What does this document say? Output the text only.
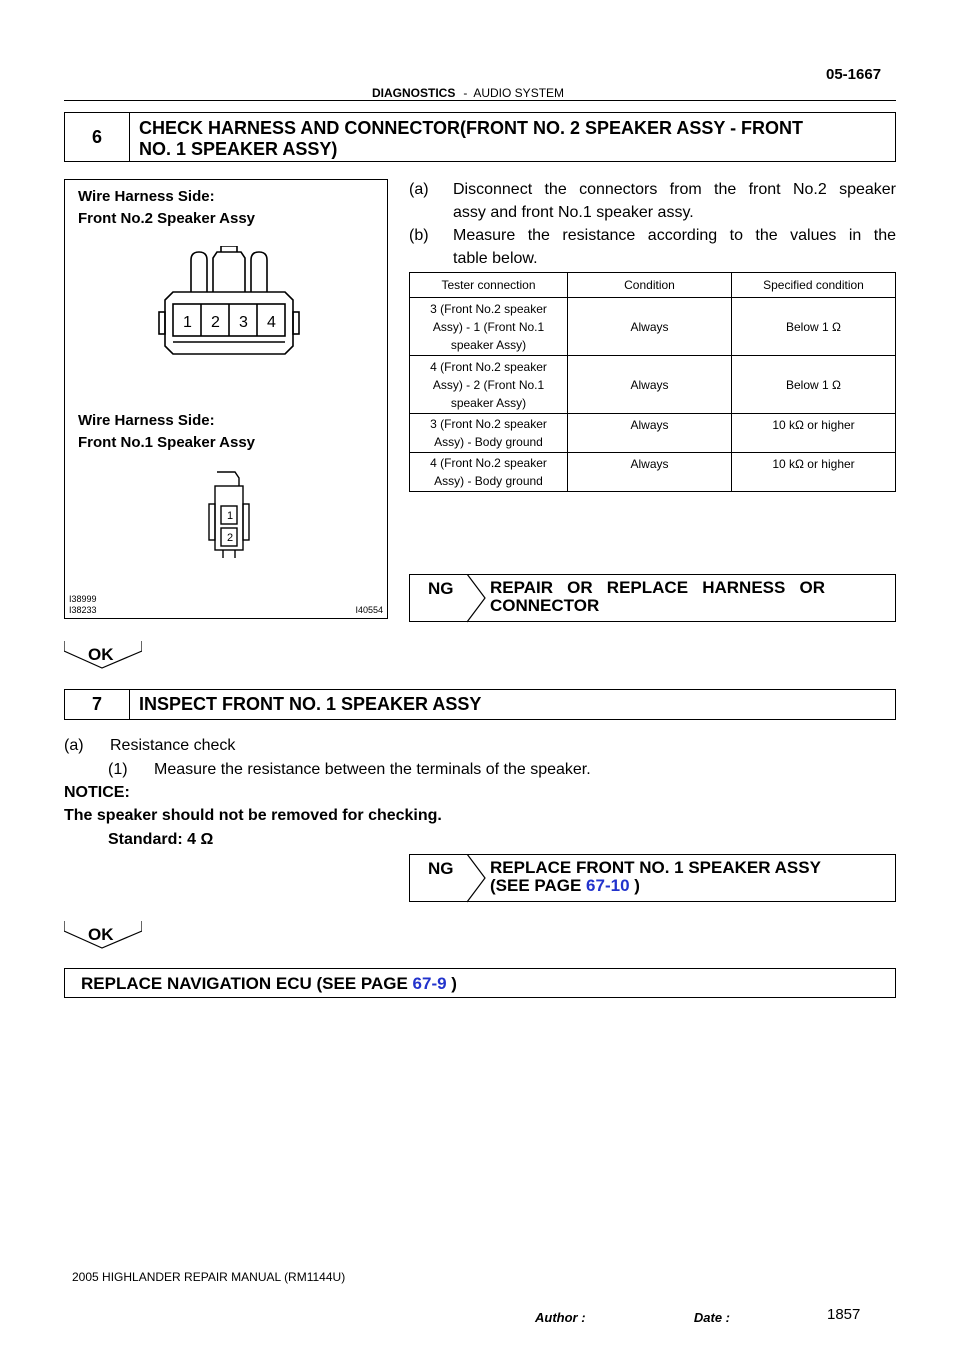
05-1667
DIAGNOSTICS - AUDIO SYSTEM
6	CHECK HARNESS AND CONNECTOR(FRONT NO. 2 SPEAKER ASSY - FRONT
NO. 1 SPEAKER ASSY)
Wire Harness Side:
Front No.2 Speaker Assy
1 2 3 4
Wire Harness Side:
Front No.1 Speaker Assy
1
2
I38999
I38233	I40554
(a) Disconnect the connectors from the front No.2 speaker
assy and front No.1 speaker assy.
(b) Measure the resistance according to the values in the
table below.
Tester connection	Condition	Specified condition

3 (Front No.2 speaker
Assy) - 1 (Front No.1
speaker Assy)	Always	Below 1 Ω

4 (Front No.2 speaker
Assy) - 2 (Front No.1
speaker Assy)	Always	Below 1 Ω

3 (Front No.2 speaker
Assy) - Body ground	Always	10 kΩ or higher

4 (Front No.2 speaker
Assy) - Body ground	Always	10 kΩ or higher
NG REPAIR   OR   REPLACE   HARNESS   OR
CONNECTOR
OK
7	INSPECT FRONT NO. 1 SPEAKER ASSY
(a) Resistance check
(1) Measure the resistance between the terminals of the speaker.
NOTICE:
The speaker should not be removed for checking.
Standard: 4 Ω
NG REPLACE FRONT NO. 1 SPEAKER ASSY
(SEE PAGE 67-10 )
OK
REPLACE NAVIGATION ECU (SEE PAGE 67-9 )
2005 HIGHLANDER REPAIR MANUAL (RM1144U)
Author :                              Date :	1857
